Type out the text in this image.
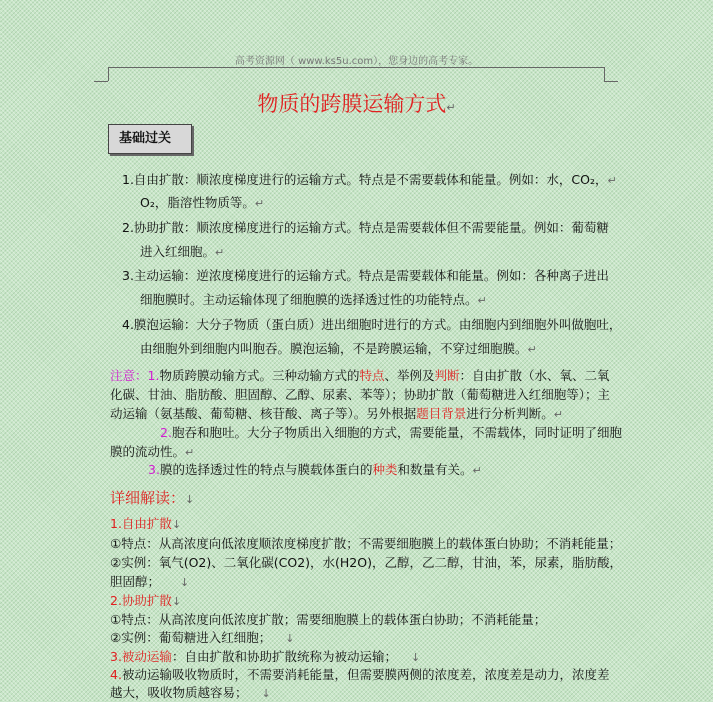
高考资源网（ www.ks5u.com），您身边的高考专家。
物质的跨膜运输方式↵
基础过关
1.自由扩散：顺浓度梯度进行的运输方式。特点是不需要载体和能量。例如：水，CO₂，↵
O₂，脂溶性物质等。↵
2.协助扩散：顺浓度梯度进行的运输方式。特点是需要载体但不需要能量。例如：葡萄糖
进入红细胞。↵
3.主动运输：逆浓度梯度进行的运输方式。特点是需要载体和能量。例如：各种离子进出
细胞膜时。主动运输体现了细胞膜的选择透过性的功能特点。↵
4.膜泡运输：大分子物质（蛋白质）进出细胞时进行的方式。由细胞内到细胞外叫做胞吐，
由细胞外到细胞内叫胞吞。膜泡运输，不是跨膜运输，不穿过细胞膜。↵
注意：1.物质跨膜动输方式。三种动输方式的特点、举例及判断：自由扩散（水、氧、二氧
化碳、甘油、脂肪酸、胆固醇、乙醇、尿素、苯等）；协助扩散（葡萄糖进入红细胞等）；主
动运输（氨基酸、葡萄糖、核苷酸、离子等）。另外根据题目背景进行分析判断。↵
2.胞吞和胞吐。大分子物质出入细胞的方式，需要能量，不需载体，同时证明了细胞
膜的流动性。↵
3.膜的选择透过性的特点与膜载体蛋白的种类和数量有关。↵
详细解读：↓
1.自由扩散↓
①特点：从高浓度向低浓度顺浓度梯度扩散；不需要细胞膜上的载体蛋白协助；不消耗能量；
②实例：氧气(O2)、二氧化碳(CO2)，水(H2O)，乙醇，乙二醇，甘油，苯，尿素，脂肪酸，
胆固醇； ↓
2.协助扩散↓
①特点：从高浓度向低浓度扩散；需要细胞膜上的载体蛋白协助；不消耗能量；
②实例：葡萄糖进入红细胞； ↓
3.被动运输：自由扩散和协助扩散统称为被动运输； ↓
4.被动运输吸收物质时，不需要消耗能量，但需要膜两侧的浓度差，浓度差是动力，浓度差
越大，吸收物质越容易； ↓
